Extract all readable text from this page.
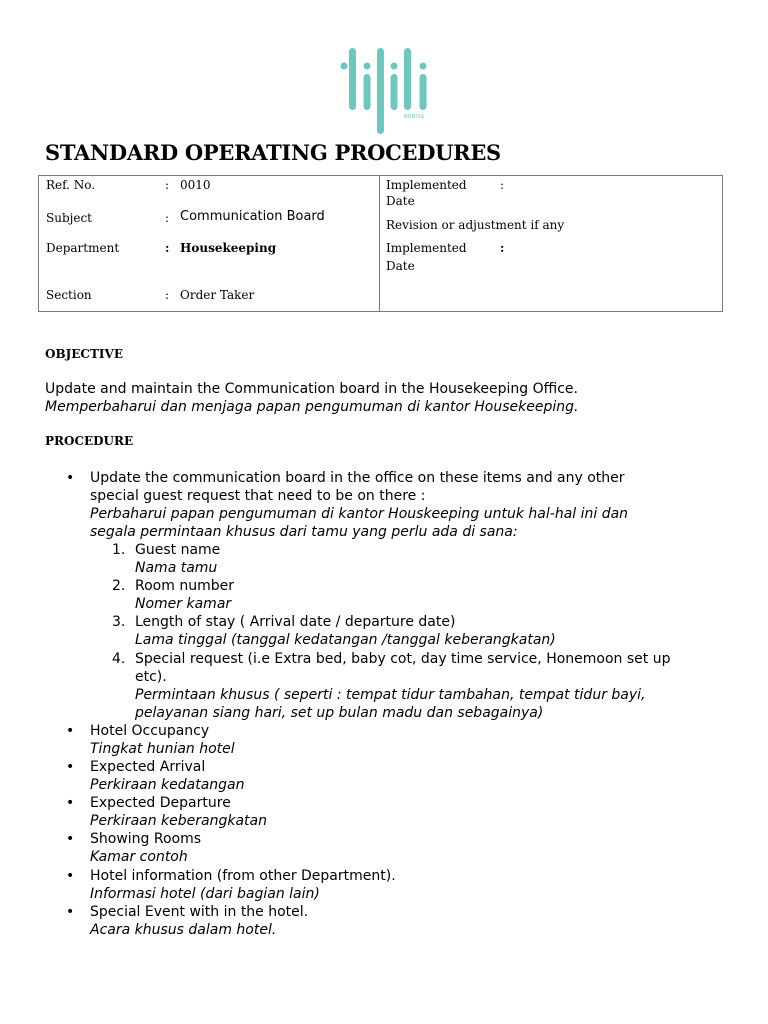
BENOA
STANDARD OPERATING PROCEDURES
Ref. No.	: 0010
Subject	: Communication Board
Department	: Housekeeping
Section	: Order Taker
Implemented	:
Date
Revision or adjustment if any
Implemented	:
Date
OBJECTIVE
Update and maintain the Communication board in the Housekeeping Office.
Memperbaharui dan menjaga papan pengumuman di kantor Housekeeping.
PROCEDURE
• Update the communication board in the office on these items and any other
special guest request that need to be on there :
Perbaharui papan pengumuman di kantor Houskeeping untuk hal-hal ini dan
segala permintaan khusus dari tamu yang perlu ada di sana:
1. Guest name
Nama tamu
2. Room number
Nomer kamar
3. Length of stay ( Arrival date / departure date)
Lama tinggal (tanggal kedatangan /tanggal keberangkatan)
4. Special request (i.e Extra bed, baby cot, day time service, Honemoon set up
etc).
Permintaan khusus ( seperti : tempat tidur tambahan, tempat tidur bayi,
pelayanan siang hari, set up bulan madu dan sebagainya)
• Hotel Occupancy
Tingkat hunian hotel
• Expected Arrival
Perkiraan kedatangan
• Expected Departure
Perkiraan keberangkatan
• Showing Rooms
Kamar contoh
• Hotel information (from other Department).
Informasi hotel (dari bagian lain)
• Special Event with in the hotel.
Acara khusus dalam hotel.
